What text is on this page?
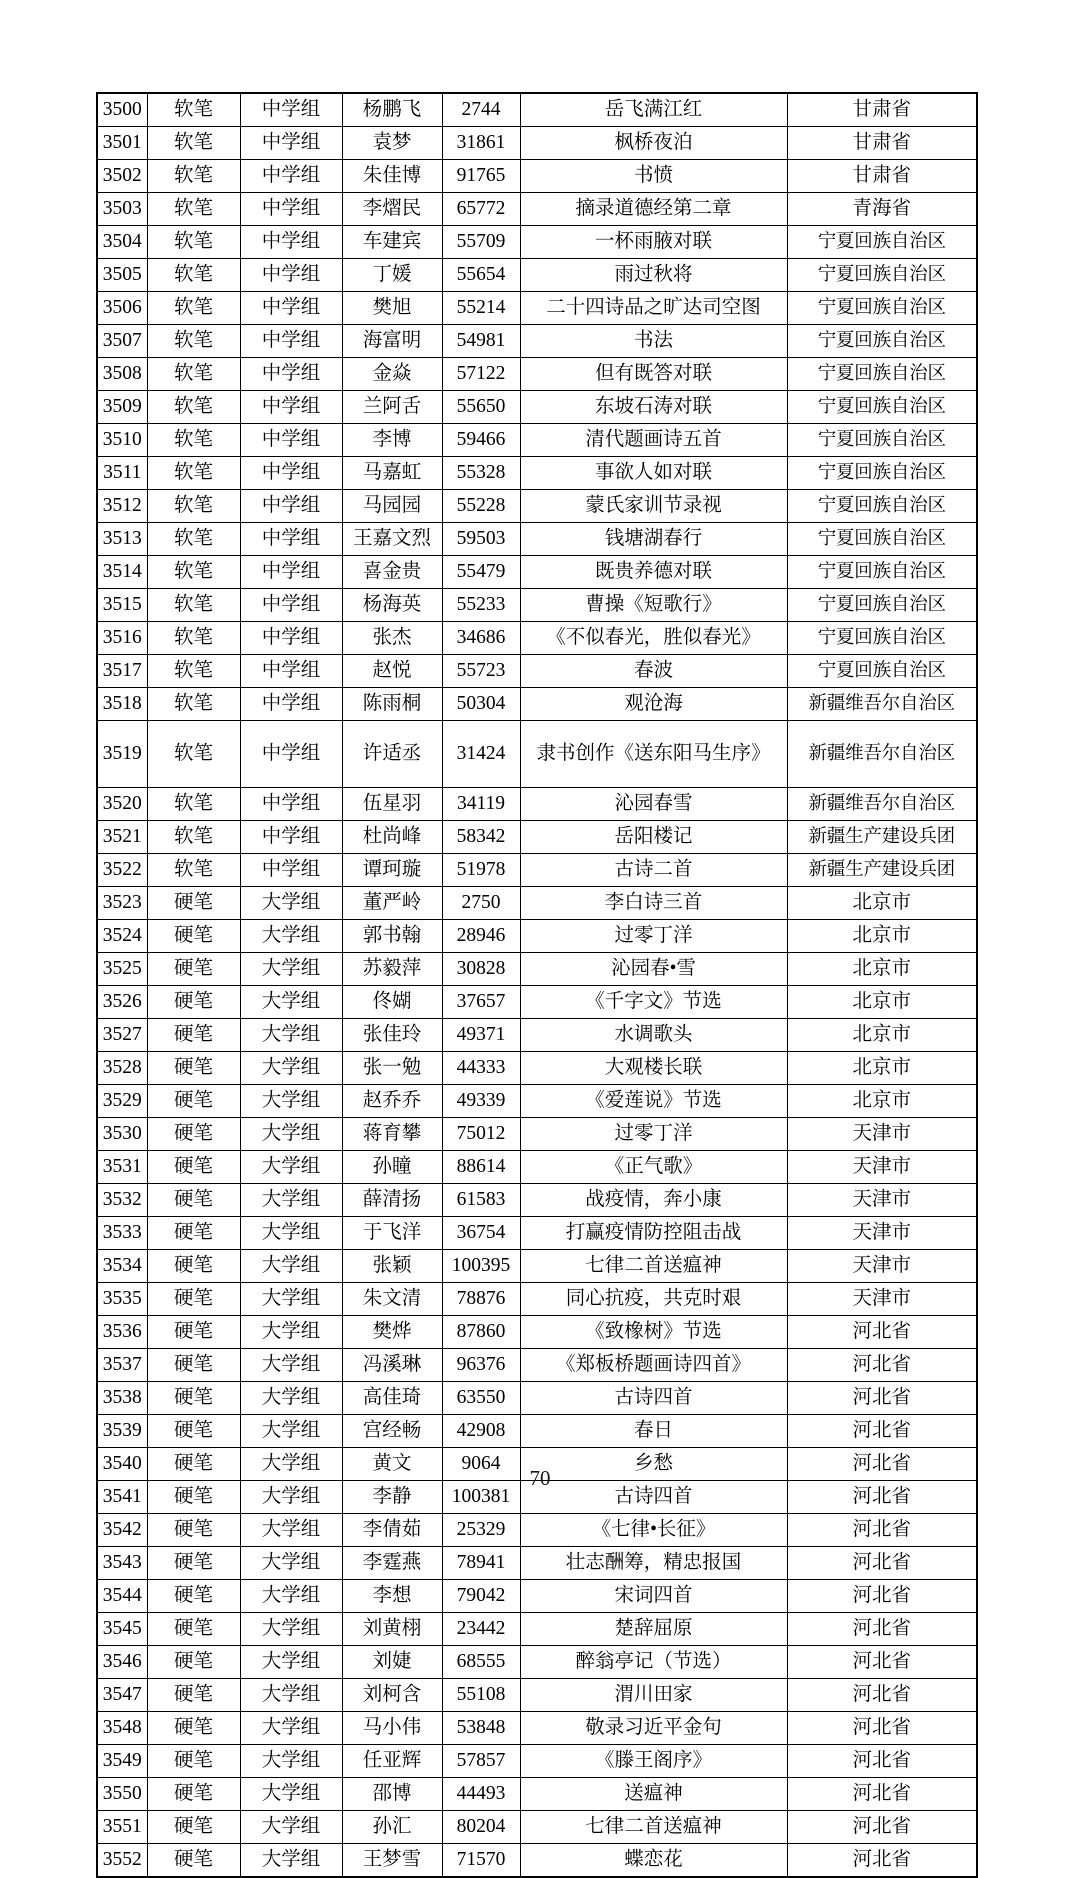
3500	软笔	中学组	杨鹏飞	2744	岳飞满江红	甘肃省
3501	软笔	中学组	袁梦	31861	枫桥夜泊	甘肃省
3502	软笔	中学组	朱佳博	91765	书愤	甘肃省
3503	软笔	中学组	李熠民	65772	摘录道德经第二章	青海省
3504	软笔	中学组	车建宾	55709	一杯雨腋对联	宁夏回族自治区
3505	软笔	中学组	丁媛	55654	雨过秋将	宁夏回族自治区
3506	软笔	中学组	樊旭	55214	二十四诗品之旷达司空图	宁夏回族自治区
3507	软笔	中学组	海富明	54981	书法	宁夏回族自治区
3508	软笔	中学组	金焱	57122	但有既答对联	宁夏回族自治区
3509	软笔	中学组	兰阿舌	55650	东坡石涛对联	宁夏回族自治区
3510	软笔	中学组	李博	59466	清代题画诗五首	宁夏回族自治区
3511	软笔	中学组	马嘉虹	55328	事欲人如对联	宁夏回族自治区
3512	软笔	中学组	马园园	55228	蒙氏家训节录视	宁夏回族自治区
3513	软笔	中学组	王嘉文烈	59503	钱塘湖春行	宁夏回族自治区
3514	软笔	中学组	喜金贵	55479	既贵养德对联	宁夏回族自治区
3515	软笔	中学组	杨海英	55233	曹操《短歌行》	宁夏回族自治区
3516	软笔	中学组	张杰	34686	《不似春光，胜似春光》	宁夏回族自治区
3517	软笔	中学组	赵悦	55723	春波	宁夏回族自治区
3518	软笔	中学组	陈雨桐	50304	观沧海	新疆维吾尔自治区
3519	软笔	中学组	许适丞	31424	隶书创作《送东阳马生序》	新疆维吾尔自治区
3520	软笔	中学组	伍星羽	34119	沁园春雪	新疆维吾尔自治区
3521	软笔	中学组	杜尚峰	58342	岳阳楼记	新疆生产建设兵团
3522	软笔	中学组	谭珂璇	51978	古诗二首	新疆生产建设兵团
3523	硬笔	大学组	董严岭	2750	李白诗三首	北京市
3524	硬笔	大学组	郭书翰	28946	过零丁洋	北京市
3525	硬笔	大学组	苏毅萍	30828	沁园春•雪	北京市
3526	硬笔	大学组	佟媩	37657	《千字文》节选	北京市
3527	硬笔	大学组	张佳玲	49371	水调歌头	北京市
3528	硬笔	大学组	张一勉	44333	大观楼长联	北京市
3529	硬笔	大学组	赵乔乔	49339	《爱莲说》节选	北京市
3530	硬笔	大学组	蒋育攀	75012	过零丁洋	天津市
3531	硬笔	大学组	孙瞳	88614	《正气歌》	天津市
3532	硬笔	大学组	薛清扬	61583	战疫情，奔小康	天津市
3533	硬笔	大学组	于飞洋	36754	打赢疫情防控阻击战	天津市
3534	硬笔	大学组	张颖	100395	七律二首送瘟神	天津市
3535	硬笔	大学组	朱文清	78876	同心抗疫，共克时艰	天津市
3536	硬笔	大学组	樊烨	87860	《致橡树》节选	河北省
3537	硬笔	大学组	冯溪琳	96376	《郑板桥题画诗四首》	河北省
3538	硬笔	大学组	高佳琦	63550	古诗四首	河北省
3539	硬笔	大学组	宫经畅	42908	春日	河北省
3540	硬笔	大学组	黄文	9064	乡愁	河北省
3541	硬笔	大学组	李静	100381	古诗四首	河北省
3542	硬笔	大学组	李倩茹	25329	《七律•长征》	河北省
3543	硬笔	大学组	李霆燕	78941	壮志酬筹，精忠报国	河北省
3544	硬笔	大学组	李想	79042	宋词四首	河北省
3545	硬笔	大学组	刘黄栩	23442	楚辞屈原	河北省
3546	硬笔	大学组	刘婕	68555	醉翁亭记（节选）	河北省
3547	硬笔	大学组	刘柯含	55108	渭川田家	河北省
3548	硬笔	大学组	马小伟	53848	敬录习近平金句	河北省
3549	硬笔	大学组	任亚辉	57857	《滕王阁序》	河北省
3550	硬笔	大学组	邵博	44493	送瘟神	河北省
3551	硬笔	大学组	孙汇	80204	七律二首送瘟神	河北省
3552	硬笔	大学组	王梦雪	71570	蝶恋花	河北省
70
